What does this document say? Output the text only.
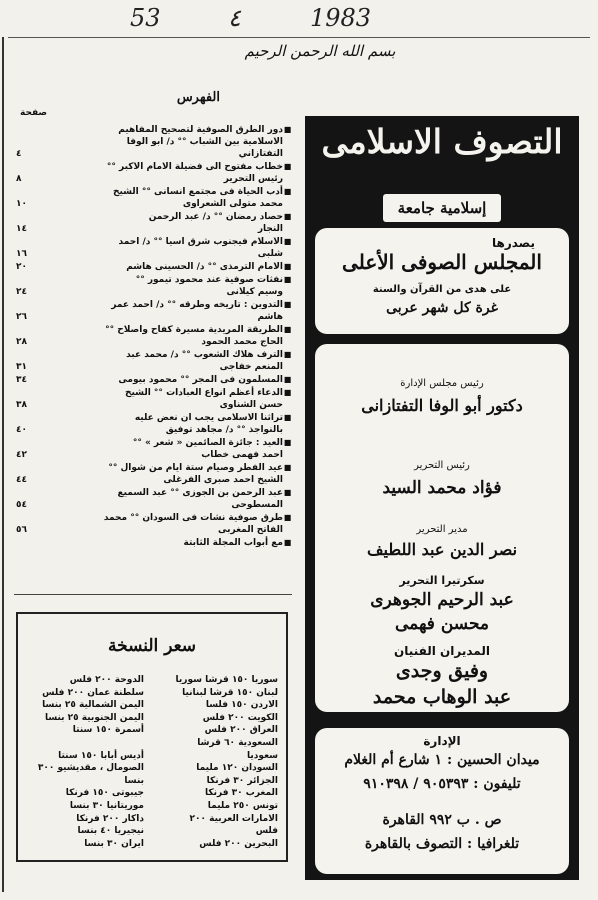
53

	٤

	1983

بسم الله الرحمن الرحيم
الفهرس
صفحة
■
دور الطرق الصوفية لتصحيح المفاهيم
الاسلامية بين الشباب °° د/ ابو الوفا
التفتازاني
٤
■
خطاب مفتوح الى فضيلة الامام الاكبر °°
رئيس التحرير
٨
■
أدب الحياة فى مجتمع انسانى °° الشيخ
محمد متولى الشعراوى
١٠
■
حصاد رمضان °° د/ عبد الرحمن
النجار
١٤
■
الاسلام فيجنوب شرق اسيا °° د/ احمد
شلبى
١٦
■
الامام الترمذى °° د/ الحسينى هاشم
٢٠
■
نفثات صوفية عند محمود تيمور °°
وسيم كيلانى
٢٤
■
التدوين : تاريخه وطرقه °° د/ احمد عمر
هاشم
٢٦
■
الطريقة المريدية مسيرة كفاح واصلاح °°
الحاج محمد الحمود
٢٨
■
الترف هلاك الشعوب °° د/ محمد عبد
المنعم خفاجى
٣١
■
المسلمون فى المجر °° محمود بيومى
٣٤
■
الدعاء أعظم انواع العبادات °° الشيخ
حسن الشناوى
٣٨
■
تراثنا الاسلامى يجب ان نعض عليه
بالنواجذ °° د/ مجاهد توفيق
٤٠
■
العيد : جائزة الصائمين « شعر » °°
احمد فهمى خطاب
٤٢
■
عيد الفطر وصيام ستة ايام من شوال °°
الشيخ احمد صبرى الفرغلى
٤٤
■
عبد الرحمن بن الجوزى °° عبد السميع
المسطوحى
٥٤
■
طرق صوفية نشات فى السودان °° محمد
الفاتح المغربى
٥٦
■
مع أبواب المجلة الثابتة
التصوف الاسلامى
إسلامية جامعة
يصدرها
المجلس الصوفى الأعلى
على هدى من القرآن والسنة
غرة كل شهر عربى
رئيس مجلس الإدارة
دكتور أبو الوفا التفتازانى
رئيس التحرير
فؤاد محمد السيد
مدير التحرير
نصر الدين عبد اللطيف
سكرتيرا التحرير
عبد الرحيم الجوهرى
محسن فهمى
المديران الفنيان
وفيق وجدى
عبد الوهاب محمد
الإدارة
ميدان الحسين : ١ شارع أم الغلام
تليفون : ٩٠٥٣٩٣ / ٩١٠٣٩٨
ص . ب ٩٩٢ القاهرة
تلغرافيا : التصوف بالقاهرة
سعر النسخة
سوريا ١٥٠ قرشا سوريا
لبنان ١٥٠ قرشا لبنانيا
الاردن ١٥٠ فلسا
الكويت ٢٠٠ فلس
العراق ٢٠٠ فلس
السعودية ٦٠ قرشا
سعوديا
السودان ١٢٠ مليما
الجزائر ٣٠ فرنكا
المغرب ٣٠ فرنكا
تونس ٢٥٠ مليما
الامارات العربية ٢٠٠
فلس
البحرين ٢٠٠ فلس
الدوحة ٢٠٠ فلس
سلطنة عمان ٢٠٠ فلس
اليمن الشمالية ٢٥ بنسا
اليمن الجنوبية ٢٥ بنسا
أسمرة ١٥٠ سنتا

أديس أبابا ١٥٠ سنتا
الصومال ، مقديشيو ٣٠٠
بنسا
جيبوتى ١٥٠ فرنكا
موريتانيا ٣٠ بنسا
داكار ٢٠٠ فرنكا
نيجيريا ٤٠ بنسا
ايران ٣٠ بنسا
